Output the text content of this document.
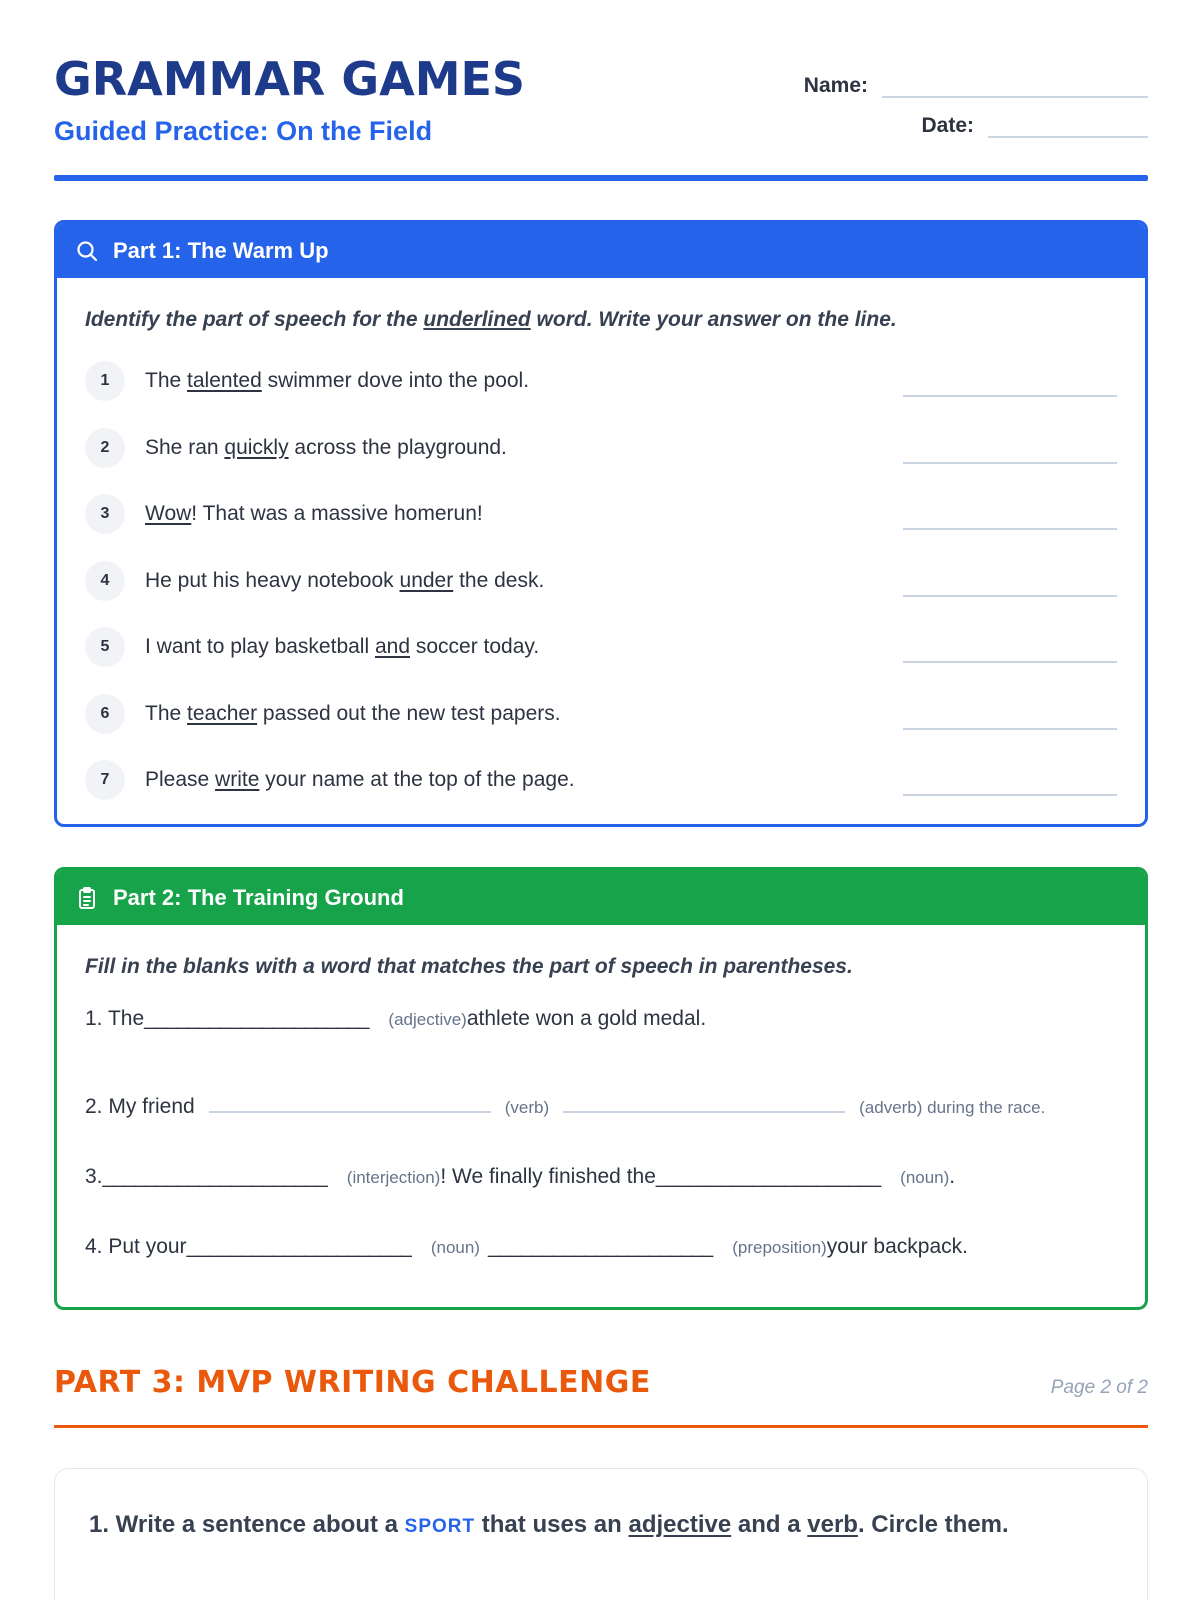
GRAMMAR GAMES
Guided Practice: On the Field
Name:
Date:
Part 1: The Warm Up
Identify the part of speech for the underlined word. Write your answer on the line.
1	The talented swimmer dove into the pool.
2	She ran quickly across the playground.
3	Wow! That was a massive homerun!
4	He put his heavy notebook under the desk.
5	I want to play basketball and soccer today.
6	The teacher passed out the new test papers.
7	Please write your name at the top of the page.
Part 2: The Training Ground
Fill in the blanks with a word that matches the part of speech in parentheses.
1. The _____________________ (adjective) athlete won a gold medal.
2. My friend	(verb)	(adverb) during the race.
3. _____________________ (interjection) ! We finally finished the _____________________ (noun) .
4. Put your _____________________ (noun) _____________________ (preposition) your backpack.
PART 3: MVP WRITING CHALLENGE	Page 2 of 2
1. Write a sentence about a SPORT that uses an adjective and a verb. Circle them.
